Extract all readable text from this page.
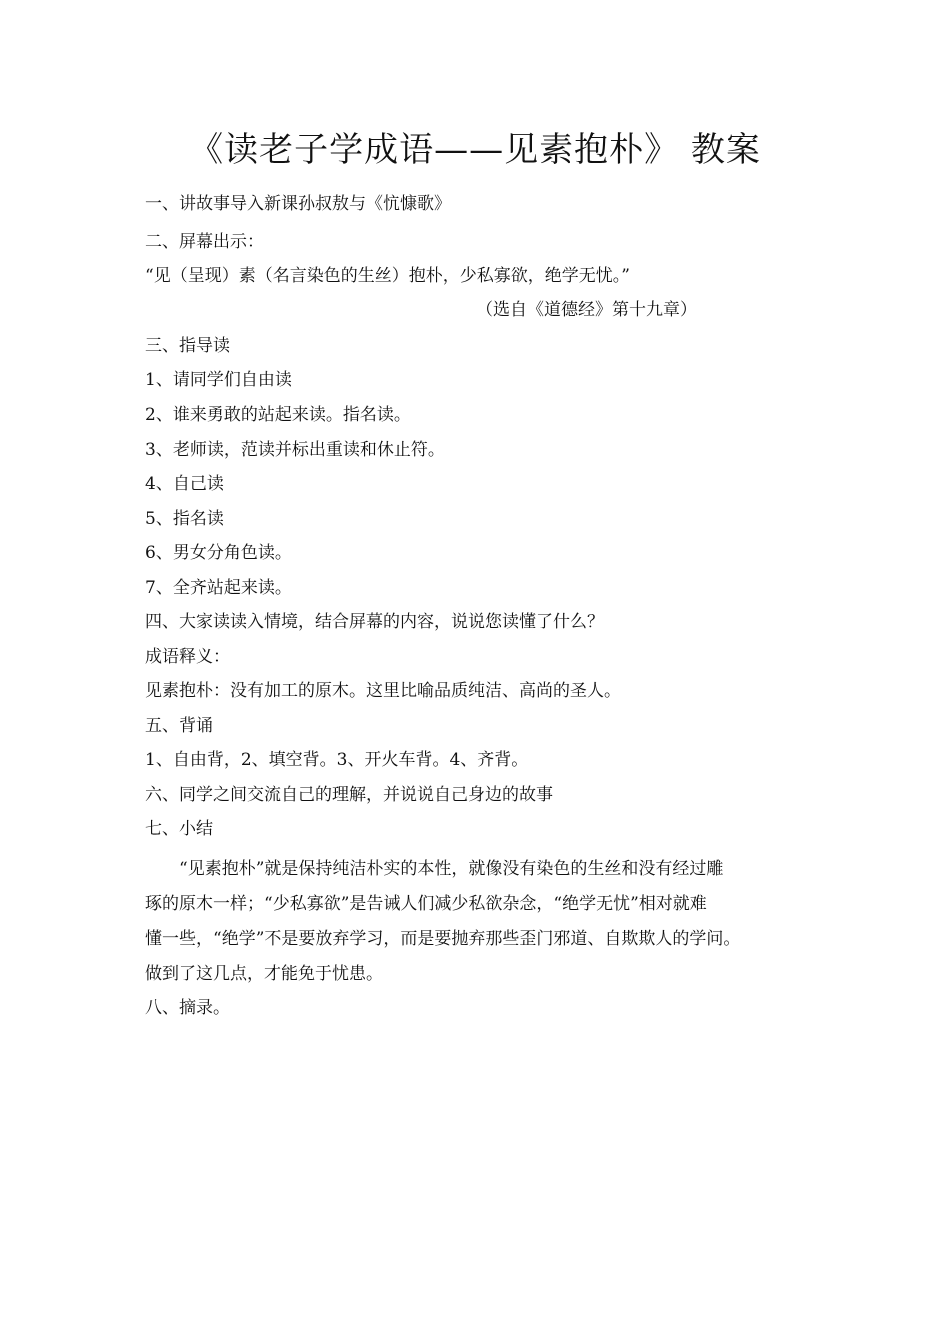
《读老子学成语——见素抱朴》 教案
一、讲故事导入新课孙叔敖与《忼慷歌》
二、屏幕出示：
“见（呈现）素（名言染色的生丝）抱朴，少私寡欲，绝学无忧。”
（选自《道德经》第十九章）
三、指导读
1、请同学们自由读
2、谁来勇敢的站起来读。指名读。
3、老师读，范读并标出重读和休止符。
4、自己读
5、指名读
6、男女分角色读。
7、全齐站起来读。
四、大家读读入情境，结合屏幕的内容，说说您读懂了什么？
成语释义：
见素抱朴：没有加工的原木。这里比喻品质纯洁、高尚的圣人。
五、背诵
1、自由背，2、填空背。3、开火车背。4、齐背。
六、同学之间交流自己的理解，并说说自己身边的故事
七、小结
“见素抱朴”就是保持纯洁朴实的本性，就像没有染色的生丝和没有经过雕
琢的原木一样；“少私寡欲”是告诫人们减少私欲杂念，“绝学无忧”相对就难
懂一些，“绝学”不是要放弃学习，而是要抛弃那些歪门邪道、自欺欺人的学问。
做到了这几点，才能免于忧患。
八、摘录。
